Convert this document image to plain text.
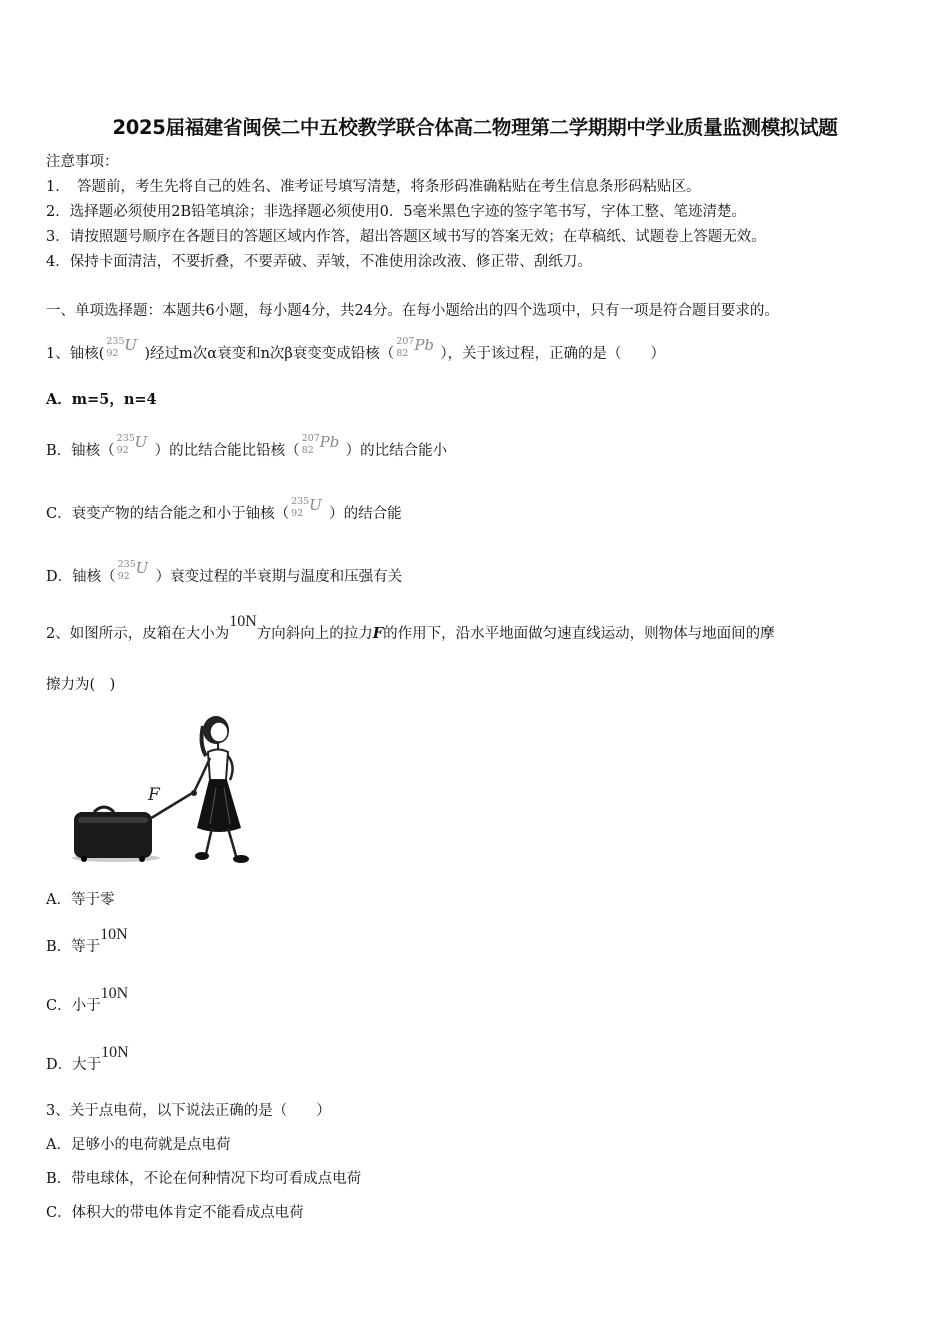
2025届福建省闽侯二中五校教学联合体高二物理第二学期期中学业质量监测模拟试题
注意事项：
1．　答题前，考生先将自己的姓名、准考证号填写清楚，将条形码准确粘贴在考生信息条形码粘贴区。
2．选择题必须使用2B铅笔填涂；非选择题必须使用0．5毫米黑色字迹的签字笔书写，字体工整、笔迹清楚。
3．请按照题号顺序在各题目的答题区域内作答，超出答题区域书写的答案无效；在草稿纸、试题卷上答题无效。
4．保持卡面清洁，不要折叠，不要弄破、弄皱，不准使用涂改液、修正带、刮纸刀。
一、单项选择题：本题共6小题，每小题4分，共24分。在每小题给出的四个选项中，只有一项是符合题目要求的。
1、铀核(
235
92 U )经过m次α衰变和n次β衰变变成铅核（
207
82 Pb ），关于该过程，正确的是（　　）
A．m=5，n=4
B．铀核（
235
92 U ）的比结合能比铅核（
207
82 Pb ）的比结合能小
C．衰变产物的结合能之和小于铀核（
235
92 U ）的结合能
D．铀核（
235
92 U ）衰变过程的半衰期与温度和压强有关
2、如图所示，皮箱在大小为10N方向斜向上的拉力F的作用下，沿水平地面做匀速直线运动，则物体与地面间的摩
擦力为(　)
F
A．等于零
B．等于10N
C．小于10N
D．大于10N
3、关于点电荷，以下说法正确的是（　　）
A．足够小的电荷就是点电荷
B．带电球体，不论在何种情况下均可看成点电荷
C．体积大的带电体肯定不能看成点电荷
